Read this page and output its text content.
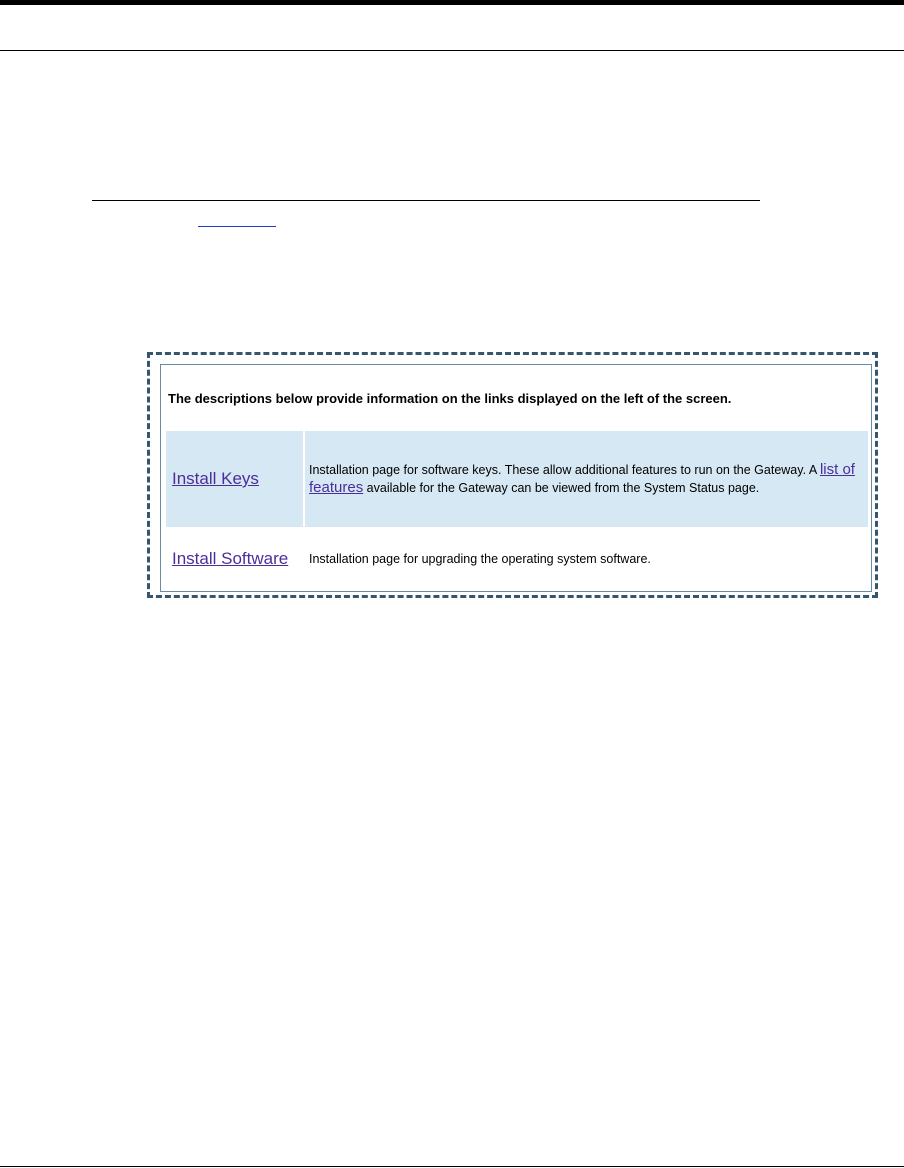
The descriptions below provide information on the links displayed on the left of the screen.
Install Keys	Installation page for software keys. These allow additional features to run on the Gateway. A list of features available for the Gateway can be viewed from the System Status page.
Install Software Installation page for upgrading the operating system software.
